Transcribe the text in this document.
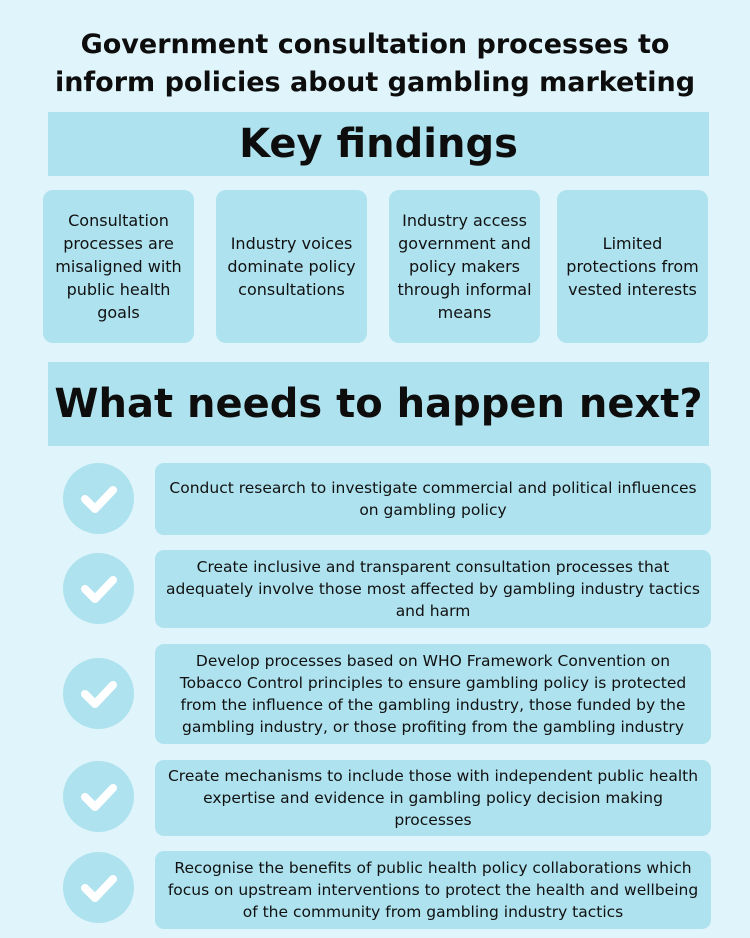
Government consultation processes to
inform policies about gambling marketing
Key findings
Consultation processes are misaligned with public health goals
Industry voices dominate policy consultations
Industry access government and policy makers through informal means
Limited protections from vested interests
What needs to happen next?
Conduct research to investigate commercial and political influences on gambling policy
Create inclusive and transparent consultation processes that adequately involve those most affected by gambling industry tactics and harm
Develop processes based on WHO Framework Convention on Tobacco Control principles to ensure gambling policy is protected from the influence of the gambling industry, those funded by the gambling industry, or those profiting from the gambling industry
Create mechanisms to include those with independent public health expertise and evidence in gambling policy decision making processes
Recognise the benefits of public health policy collaborations which focus on upstream interventions to protect the health and wellbeing of the community from gambling industry tactics
